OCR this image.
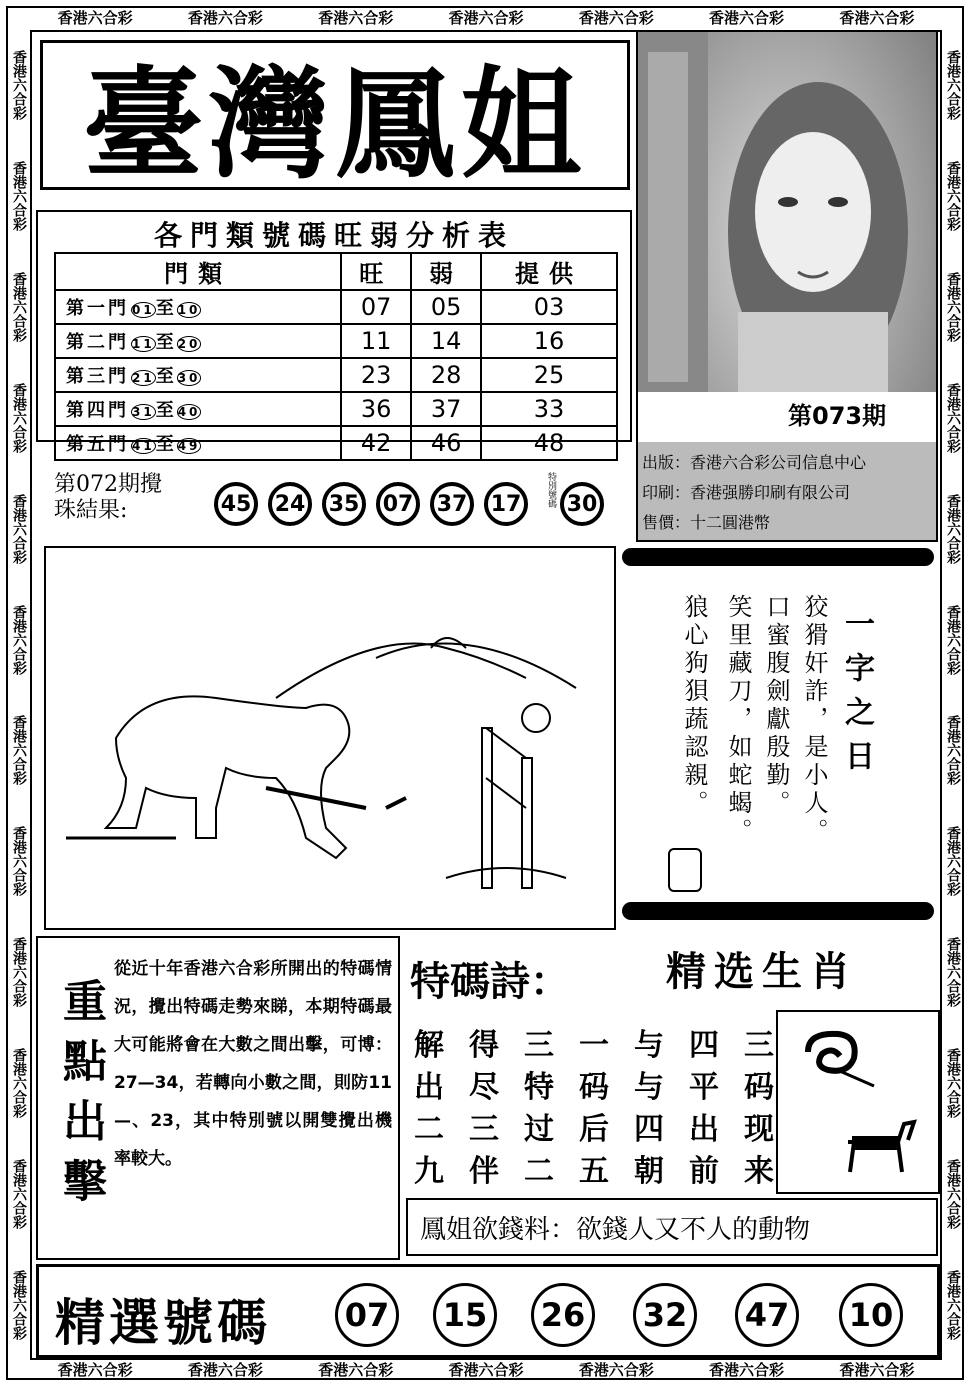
香港六合彩	香港六合彩	香港六合彩	香港六合彩	香港六合彩	香港六合彩	香港六合彩
香港六合彩	香港六合彩	香港六合彩	香港六合彩	香港六合彩	香港六合彩	香港六合彩
香港六合彩
香港六合彩
香港六合彩
香港六合彩
香港六合彩
香港六合彩
香港六合彩
香港六合彩
香港六合彩
香港六合彩
香港六合彩
香港六合彩
香港六合彩
香港六合彩
香港六合彩
香港六合彩
香港六合彩
香港六合彩
香港六合彩
香港六合彩
香港六合彩
香港六合彩
香港六合彩
香港六合彩
臺灣鳳姐
第073期
出版：香港六合彩公司信息中心
印刷：香港强勝印刷有限公司
售價：十二圓港幣
各門類號碼旺弱分析表
門類	旺	弱	提供
第一門 01至10	07	05	03
第二門 11至20	11	14	16
第三門 21至30	23	28	25
第四門 31至40	36	37	33
第五門 41至49	42	46	48
第072期攪
珠結果:	45	24	35	07	37	17	特別號碼 30
一字之日
狡猾奸詐，是小人。
口蜜腹劍獻殷勤。
笑里藏刀，如蛇蝎。
狼心狗狽蔬認親。
重點出擊
從近十年香港六合彩所開出的特碼情況，攪出特碼走勢來睇，本期特碼最大可能將會在大數之間出擊，可博：27—34，若轉向小數之間，則防11—、23，其中特別號以開雙攪出機率較大。
特碼詩： 精选生肖
解 得 三 一 与 四 三
出 尽 特 码 与 平 码
二 三 过 后 四 出 现
九 伴 二 五 朝 前 来
鳳姐欲錢料：欲錢人又不人的動物
精選號碼	07	15	26	32	47	10
